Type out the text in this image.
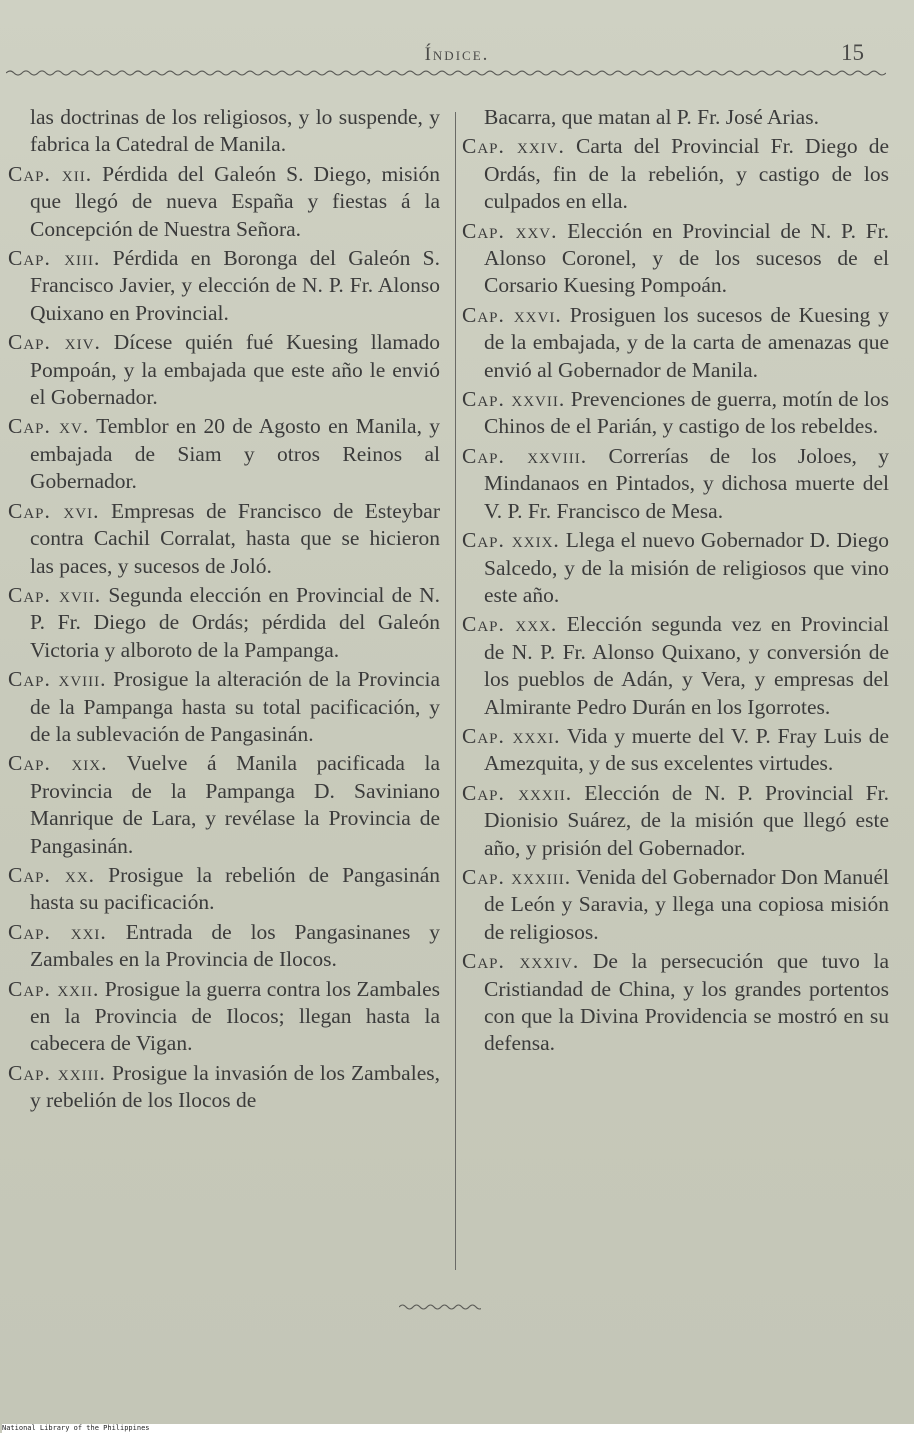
Índice.	15
las doctrinas de los religiosos, y lo suspende, y fabrica la Catedral de Manila.
Cap. xii. Pérdida del Galeón S. Diego, misión que llegó de nueva España y fiestas á la Concepción de Nuestra Señora.
Cap. xiii. Pérdida en Boronga del Galeón S. Francisco Javier, y elección de N. P. Fr. Alonso Quixano en Provincial.
Cap. xiv. Dícese quién fué Kuesing llamado Pompoán, y la embajada que este año le envió el Gobernador.
Cap. xv. Temblor en 20 de Agosto en Manila, y embajada de Siam y otros Reinos al Gobernador.
Cap. xvi. Empresas de Francisco de Esteybar contra Cachil Corralat, hasta que se hicieron las paces, y sucesos de Joló.
Cap. xvii. Segunda elección en Provincial de N. P. Fr. Diego de Ordás; pérdida del Galeón Victoria y alboroto de la Pampanga.
Cap. xviii. Prosigue la alteración de la Provincia de la Pampanga hasta su total pacificación, y de la sublevación de Pangasinán.
Cap. xix. Vuelve á Manila pacificada la Provincia de la Pampanga D. Saviniano Manrique de Lara, y revélase la Provincia de Pangasinán.
Cap. xx. Prosigue la rebelión de Pangasinán hasta su pacificación.
Cap. xxi. Entrada de los Pangasinanes y Zambales en la Provincia de Ilocos.
Cap. xxii. Prosigue la guerra contra los Zambales en la Provincia de Ilocos; llegan hasta la cabecera de Vigan.
Cap. xxiii. Prosigue la invasión de los Zambales, y rebelión de los Ilocos de
Bacarra, que matan al P. Fr. José Arias.
Cap. xxiv. Carta del Provincial Fr. Diego de Ordás, fin de la rebelión, y castigo de los culpados en ella.
Cap. xxv. Elección en Provincial de N. P. Fr. Alonso Coronel, y de los sucesos de el Corsario Kuesing Pompoán.
Cap. xxvi. Prosiguen los sucesos de Kuesing y de la embajada, y de la carta de amenazas que envió al Gobernador de Manila.
Cap. xxvii. Prevenciones de guerra, motín de los Chinos de el Parián, y castigo de los rebeldes.
Cap. xxviii. Correrías de los Joloes, y Mindanaos en Pintados, y dichosa muerte del V. P. Fr. Francisco de Mesa.
Cap. xxix. Llega el nuevo Gobernador D. Diego Salcedo, y de la misión de religiosos que vino este año.
Cap. xxx. Elección segunda vez en Provincial de N. P. Fr. Alonso Quixano, y conversión de los pueblos de Adán, y Vera, y empresas del Almirante Pedro Durán en los Igorrotes.
Cap. xxxi. Vida y muerte del V. P. Fray Luis de Amezquita, y de sus excelentes virtudes.
Cap. xxxii. Elección de N. P. Provincial Fr. Dionisio Suárez, de la misión que llegó este año, y prisión del Gobernador.
Cap. xxxiii. Venida del Gobernador Don Manuél de León y Saravia, y llega una copiosa misión de religiosos.
Cap. xxxiv. De la persecución que tuvo la Cristiandad de China, y los grandes portentos con que la Divina Providencia se mostró en su defensa.
National Library of the Philippines
